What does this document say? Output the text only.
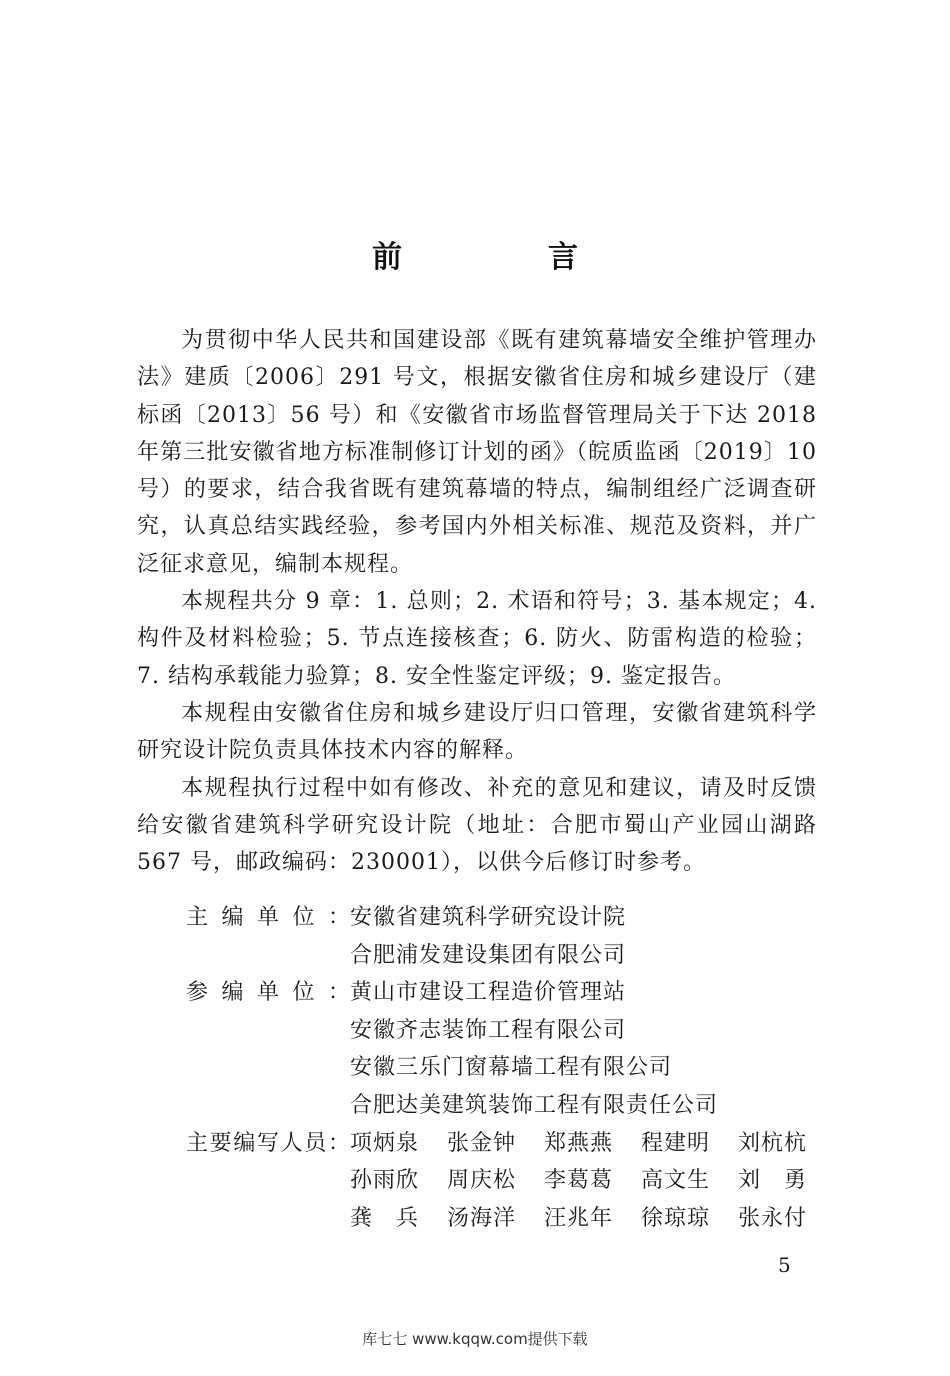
前　言

为贯彻中华人民共和国建设部《既有建筑幕墙安全维护管理办法》建质〔2006〕291 号文，根据安徽省住房和城乡建设厅（建标函〔2013〕56 号）和《安徽省市场监督管理局关于下达 2018 年第三批安徽省地方标准制修订计划的函》（皖质监函〔2019〕10 号）的要求，结合我省既有建筑幕墙的特点，编制组经广泛调查研究，认真总结实践经验，参考国内外相关标准、规范及资料，并广泛征求意见，编制本规程。

本规程共分 9 章：1. 总则；2. 术语和符号；3. 基本规定；4. 构件及材料检验；5. 节点连接核查；6. 防火、防雷构造的检验；7. 结构承载能力验算；8. 安全性鉴定评级；9. 鉴定报告。

本规程由安徽省住房和城乡建设厅归口管理，安徽省建筑科学研究设计院负责具体技术内容的解释。

本规程执行过程中如有修改、补充的意见和建议，请及时反馈给安徽省建筑科学研究设计院（地址：合肥市蜀山产业园山湖路 567 号，邮政编码：230001），以供今后修订时参考。

主编单位： 安徽省建筑科学研究设计院
合肥浦发建设集团有限公司
参编单位： 黄山市建设工程造价管理站
安徽齐志装饰工程有限公司
安徽三乐门窗幕墙工程有限公司
合肥达美建筑装饰工程有限责任公司
主要编写人员： 项炳泉	张金钟	郑燕燕	程建明	刘杭杭
孙雨欣	周庆松	李葛葛	高文生	刘　勇
龚　兵	汤海洋	汪兆年	徐琼琼	张永付
5
库七七 www.kqqw.com提供下载
